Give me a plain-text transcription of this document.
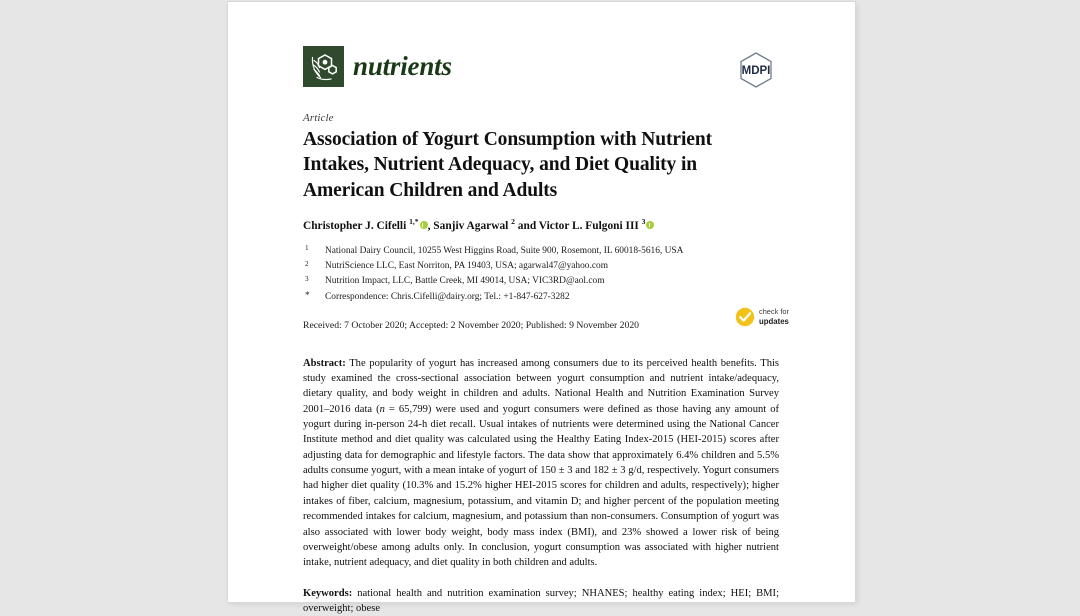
nutrients	MDPI
Article
Association of Yogurt Consumption with Nutrient Intakes, Nutrient Adequacy, and Diet Quality in American Children and Adults
Christopher J. Cifelli $^{1,*}$ , Sanjiv Agarwal $^2$ and Victor L. Fulgoni III $^3$
1	National Dairy Council, 10255 West Higgins Road, Suite 900, Rosemont, IL 60018-5616, USA
2	NutriScience LLC, East Norriton, PA 19403, USA; agarwal47@yahoo.com
3	Nutrition Impact, LLC, Battle Creek, MI 49014, USA; VIC3RD@aol.com
*	Correspondence: Chris.Cifelli@dairy.org; Tel.: +1-847-627-3282
Received: 7 October 2020; Accepted: 2 November 2020; Published: 9 November 2020
check for
updates
Abstract: The popularity of yogurt has increased among consumers due to its perceived health benefits. This study examined the cross-sectional association between yogurt consumption and nutrient intake/adequacy, dietary quality, and body weight in children and adults. National Health and Nutrition Examination Survey 2001–2016 data (n = 65,799) were used and yogurt consumers were defined as those having any amount of yogurt during in-person 24-h diet recall. Usual intakes of nutrients were determined using the National Cancer Institute method and diet quality was calculated using the Healthy Eating Index-2015 (HEI-2015) scores after adjusting data for demographic and lifestyle factors. The data show that approximately 6.4% children and 5.5% adults consume yogurt, with a mean intake of yogurt of 150 ± 3 and 182 ± 3 g/d, respectively. Yogurt consumers had higher diet quality (10.3% and 15.2% higher HEI-2015 scores for children and adults, respectively); higher intakes of fiber, calcium, magnesium, potassium, and vitamin D; and higher percent of the population meeting recommended intakes for calcium, magnesium, and potassium than non-consumers. Consumption of yogurt was also associated with lower body weight, body mass index (BMI), and 23% showed a lower risk of being overweight/obese among adults only. In conclusion, yogurt consumption was associated with higher nutrient intake, nutrient adequacy, and diet quality in both children and adults.
Keywords: national health and nutrition examination survey; NHANES; healthy eating index; HEI; BMI; overweight; obese
